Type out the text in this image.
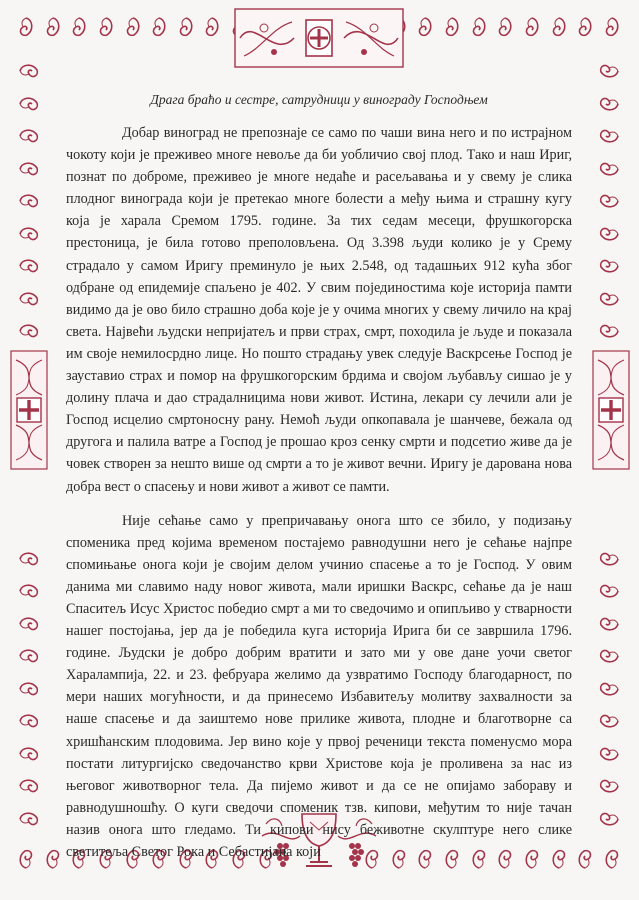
Драга браћо и сестре, сатрудници у винограду Господњем

Добар виноград не препознаје се само по чаши вина него и по истрајном чокоту који је преживео многе невоље да би уобличио свој плод. Тако и наш Ириг, познат по доброме, преживео је многе недаће и расељавања и у свему је слика плодног винограда који је претекао многе болести а међу њима и страшну кугу која је харала Сремом 1795. године. За тих седам месеци, фрушкогорска престоница, је била готово преполовљена. Од 3.398 људи колико је у Срему страдало у самом Иригу преминулo је њих 2.548, од тадашњих 912 кућа због одбране од епидемије спаљено је 402. У свим појединостима које историја памти видимо да је ово било страшно доба које је у очима многих у свему личило на крај света. Највећи људски непријатељ и први страх, смрт, походила је људе и показала им своје немилосрдно лице. Но пошто страдању увек следује Васкрсење Господ је зауставио страх и помор на фрушкогорским брдима и својом љубављу сишао је у долину плача и дао страдалницима нови живот. Истина, лекари су лечили али је Господ исцелио смртоносну рану. Немоћ људи опкопавала је шанчеве, бежала од другога и палила ватре а Господ је прошао кроз сенку смрти и подсетио живе да је човек створен за нешто више од смрти а то је живот вечни. Иригу је дарована нова добра вест о спасењу и нови живот а живот се памти.

Није сећање само у препричавању онога што се збило, у подизању споменика пред којима временом постајемо равнодушни него је сећање најпре спомињање онога који је својим делом учинио спасење а то је Господ. У овим данима ми славимо наду новог живота, мали иришки Васкрс, сећање да је наш Спаситељ Исус Христос победио смрт а ми то сведочимо и опипљиво у стварности нашег постојања, јер да је победила куга историја Ирига би се завршила 1796. године. Људски је добро добрим вратити и зато ми у ове дане уочи светог Харалампија, 22. и 23. фебруара желимо да узвратимо Господу благодарност, по мери наших могућности, и да принесемо Избавитељу молитву захвалности за наше спасење и да заиштемо нове прилике живота, плодне и благотворне са хришћанским плодовима. Јер вино које у првој реченици текста поменусмо мора постати литургијско сведочанство крви Христове која је проливена за нас из његовог животворног тела. Да пијемо живот и да се не опијамо забораву и равнодушношћу. О куги сведочи споменик тзв. кипови, међутим то није тачан назив онога што гледамо. Ти кипови нису беживотне скулптуре него слике светитеља Светог Рока и Себастијана који
